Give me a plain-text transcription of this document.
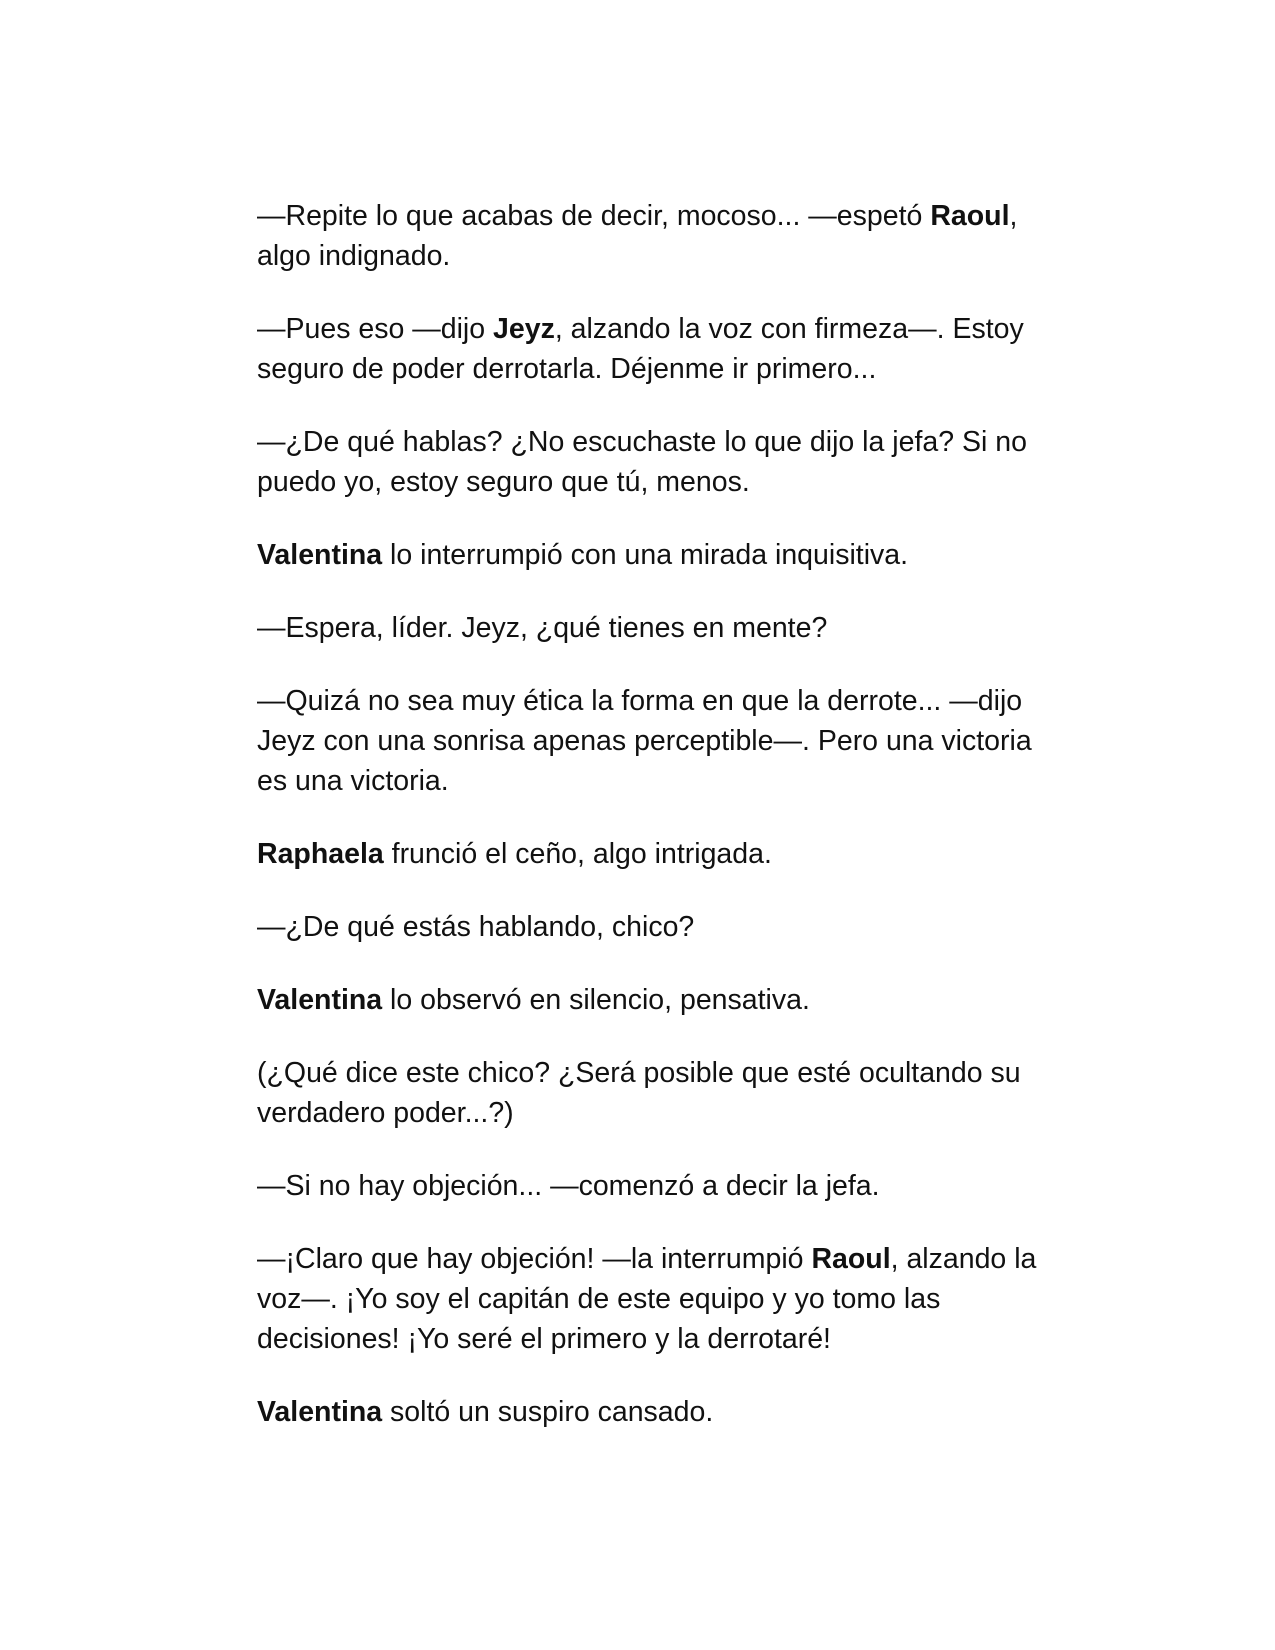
—Repite lo que acabas de decir, mocoso... —espetó Raoul, algo indignado.

—Pues eso —dijo Jeyz, alzando la voz con firmeza—. Estoy seguro de poder derrotarla. Déjenme ir primero...

—¿De qué hablas? ¿No escuchaste lo que dijo la jefa? Si no puedo yo, estoy seguro que tú, menos.

Valentina lo interrumpió con una mirada inquisitiva.

—Espera, líder. Jeyz, ¿qué tienes en mente?

—Quizá no sea muy ética la forma en que la derrote... —dijo Jeyz con una sonrisa apenas perceptible—. Pero una victoria es una victoria.

Raphaela frunció el ceño, algo intrigada.

—¿De qué estás hablando, chico?

Valentina lo observó en silencio, pensativa.

(¿Qué dice este chico? ¿Será posible que esté ocultando su verdadero poder...?)

—Si no hay objeción... —comenzó a decir la jefa.

—¡Claro que hay objeción! —la interrumpió Raoul, alzando la voz—. ¡Yo soy el capitán de este equipo y yo tomo las decisiones! ¡Yo seré el primero y la derrotaré!

Valentina soltó un suspiro cansado.
